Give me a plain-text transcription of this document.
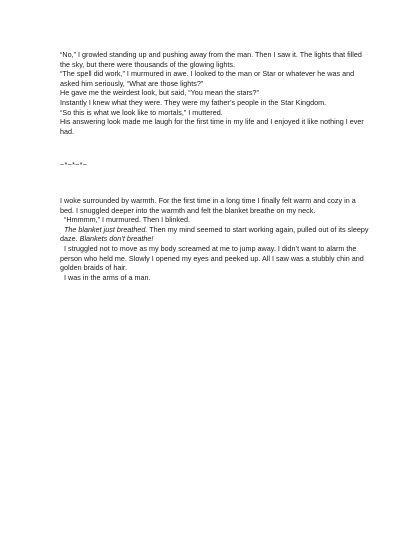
“No,” I growled standing up and pushing away from the man. Then I saw it. The lights that filled the sky, but there were thousands of the glowing lights.

“The spell did work,” I murmured in awe. I looked to the man or Star or whatever he was and asked him seriously, “What are those lights?”

He gave me the weirdest look, but said, “You mean the stars?”

Instantly I knew what they were. They were my father’s people in the Star Kingdom.

“So this is what we look like to mortals,” I muttered.

His answering look made me laugh for the first time in my life and I enjoyed it like nothing I ever had.

~*~*~*~

I woke surrounded by warmth. For the first time in a long time I finally felt warm and cozy in a bed. I snuggled deeper into the warmth and felt the blanket breathe on my neck.

“Hmmmm,” I murmured. Then I blinked.

The blanket just breathed. Then my mind seemed to start working again, pulled out of its sleepy daze. Blankets don’t breathe!

I struggled not to move as my body screamed at me to jump away. I didn’t want to alarm the person who held me. Slowly I opened my eyes and peeked up. All I saw was a stubbly chin and golden braids of hair.

I was in the arms of a man.
